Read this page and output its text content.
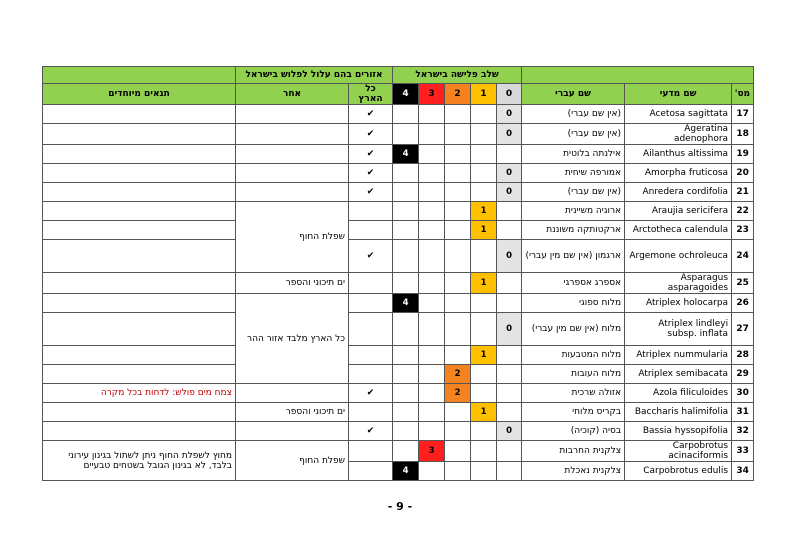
			שלב פלישה בישראל					אזורים בהם עלול לפלוש בישראל		
מס'	שם מדעי	שם עברי	0	1	2	3	4	כל הארץ	אחר	תנאים מיוחדים
17	Acetosa sagittata	(אין שם עברי)	0					✔		
18	Ageratina adenophora	(אין שם עברי)	0					✔		
19	Ailanthus altissima	אילנתה בלוטית					4	✔		
20	Amorpha fruticosa	אמורפה שיחית	0					✔		
21	Anredera cordifolia	(אין שם עברי)	0					✔		
22	Araujia sericifera	ארוגיה משיינית		1					שפלת החוף	
23	Arctotheca calendula	ארקטותקה משוננת		1						
24	Argemone ochroleuca	ארגמון (אין שם מין עברי)	0					✔		
25	Asparagus asparagoides	אספרג אספרגי		1					ים תיכוני והספר	
26	Atriplex holocarpa	מלוח ספוגי					4		כל הארץ מלבד אזור ההר	
27	Atriplex lindleyi subsp. inflata	מלוח (אין שם מין עברי)	0							
28	Atriplex nummularia	מלוח המטבעות		1						
29	Atriplex semibacata	מלוח העובות			2					
30	Azola filiculoides	אזולה שרכית			2			✔		צמח מים פולש: לדחות בכל מקרה
31	Baccharis halimifolia	בקריס מלוחי		1					ים תיכוני והספר	
32	Bassia hyssopifolia	בסיה (קוכיה)	0					✔		
33	Carpobrotus acinaciformis	צלקנית החרבות				3			שפלת החוף	מחוץ לשפלת החוף ניתן לשתול בגינון עירוני בלבד, לא בגינון הגובל בשטחים טבעיים
34	Carpobrotus edulis	צלקנית נאכלת					4			
- 9 -
